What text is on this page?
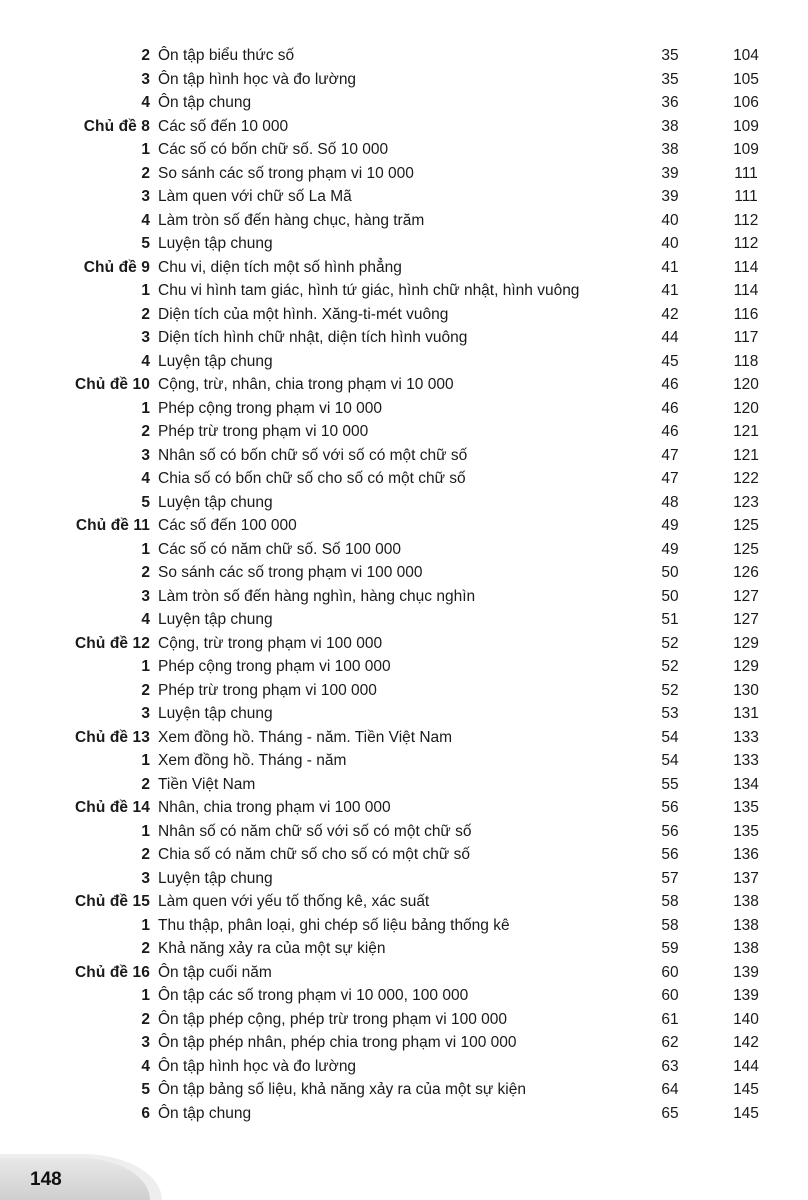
2 Ôn tập biểu thức số	35	104
3 Ôn tập hình học và đo lường	35	105
4 Ôn tập chung	36	106
Chủ đề 8 Các số đến 10 000	38	109
1 Các số có bốn chữ số. Số 10 000	38	109
2 So sánh các số trong phạm vi 10 000	39	111
3 Làm quen với chữ số La Mã	39	111
4 Làm tròn số đến hàng chục, hàng trăm	40	112
5 Luyện tập chung	40	112
Chủ đề 9 Chu vi, diện tích một số hình phẳng	41	114
1 Chu vi hình tam giác, hình tứ giác, hình chữ nhật, hình vuông	41	114
2 Diện tích của một hình. Xăng-ti-mét vuông	42	116
3 Diện tích hình chữ nhật, diện tích hình vuông	44	117
4 Luyện tập chung	45	118
Chủ đề 10 Cộng, trừ, nhân, chia trong phạm vi 10 000	46	120
1 Phép cộng trong phạm vi 10 000	46	120
2 Phép trừ trong phạm vi 10 000	46	121
3 Nhân số có bốn chữ số với số có một chữ số	47	121
4 Chia số có bốn chữ số cho số có một chữ số	47	122
5 Luyện tập chung	48	123
Chủ đề 11 Các số đến 100 000	49	125
1 Các số có năm chữ số. Số 100 000	49	125
2 So sánh các số trong phạm vi 100 000	50	126
3 Làm tròn số đến hàng nghìn, hàng chục nghìn	50	127
4 Luyện tập chung	51	127
Chủ đề 12 Cộng, trừ trong phạm vi 100 000	52	129
1 Phép cộng trong phạm vi 100 000	52	129
2 Phép trừ trong phạm vi 100 000	52	130
3 Luyện tập chung	53	131
Chủ đề 13 Xem đồng hồ. Tháng - năm. Tiền Việt Nam	54	133
1 Xem đồng hồ. Tháng - năm	54	133
2 Tiền Việt Nam	55	134
Chủ đề 14 Nhân, chia trong phạm vi 100 000	56	135
1 Nhân số có năm chữ số với số có một chữ số	56	135
2 Chia số có năm chữ số cho số có một chữ số	56	136
3 Luyện tập chung	57	137
Chủ đề 15 Làm quen với yếu tố thống kê, xác suất	58	138
1 Thu thập, phân loại, ghi chép số liệu bảng thống kê	58	138
2 Khả năng xảy ra của một sự kiện	59	138
Chủ đề 16 Ôn tập cuối năm	60	139
1 Ôn tập các số trong phạm vi 10 000, 100 000	60	139
2 Ôn tập phép cộng, phép trừ trong phạm vi 100 000	61	140
3 Ôn tập phép nhân, phép chia trong phạm vi 100 000	62	142
4 Ôn tập hình học và đo lường	63	144
5 Ôn tập bảng số liệu, khả năng xảy ra của một sự kiện	64	145
6 Ôn tập chung	65	145
148
